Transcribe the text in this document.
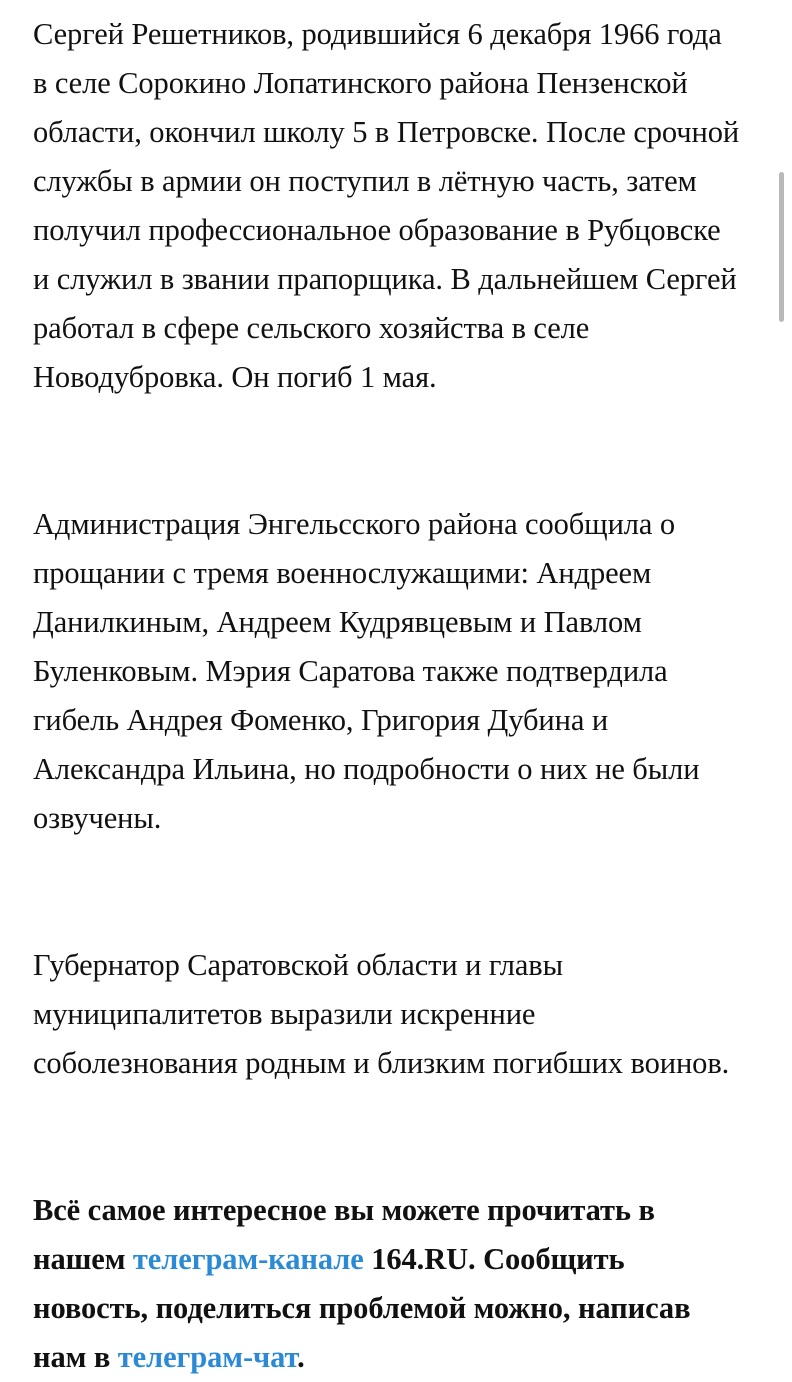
Сергей Решетников, родившийся 6 декабря 1966 года
в селе Сорокино Лопатинского района Пензенской
области, окончил школу 5 в Петровске. После срочной
службы в армии он поступил в лётную часть, затем
получил профессиональное образование в Рубцовске
и служил в звании прапорщика. В дальнейшем Сергей
работал в сфере сельского хозяйства в селе
Новодубровка. Он погиб 1 мая.

Администрация Энгельсского района сообщила о
прощании с тремя военнослужащими: Андреем
Данилкиным, Андреем Кудрявцевым и Павлом
Буленковым. Мэрия Саратова также подтвердила
гибель Андрея Фоменко, Григория Дубина и
Александра Ильина, но подробности о них не были
озвучены.

Губернатор Саратовской области и главы
муниципалитетов выразили искренние
соболезнования родным и близким погибших воинов.

Всё самое интересное вы можете прочитать в
нашем телеграм-канале 164.RU. Сообщить
новость, поделиться проблемой можно, написав
нам в телеграм-чат.
